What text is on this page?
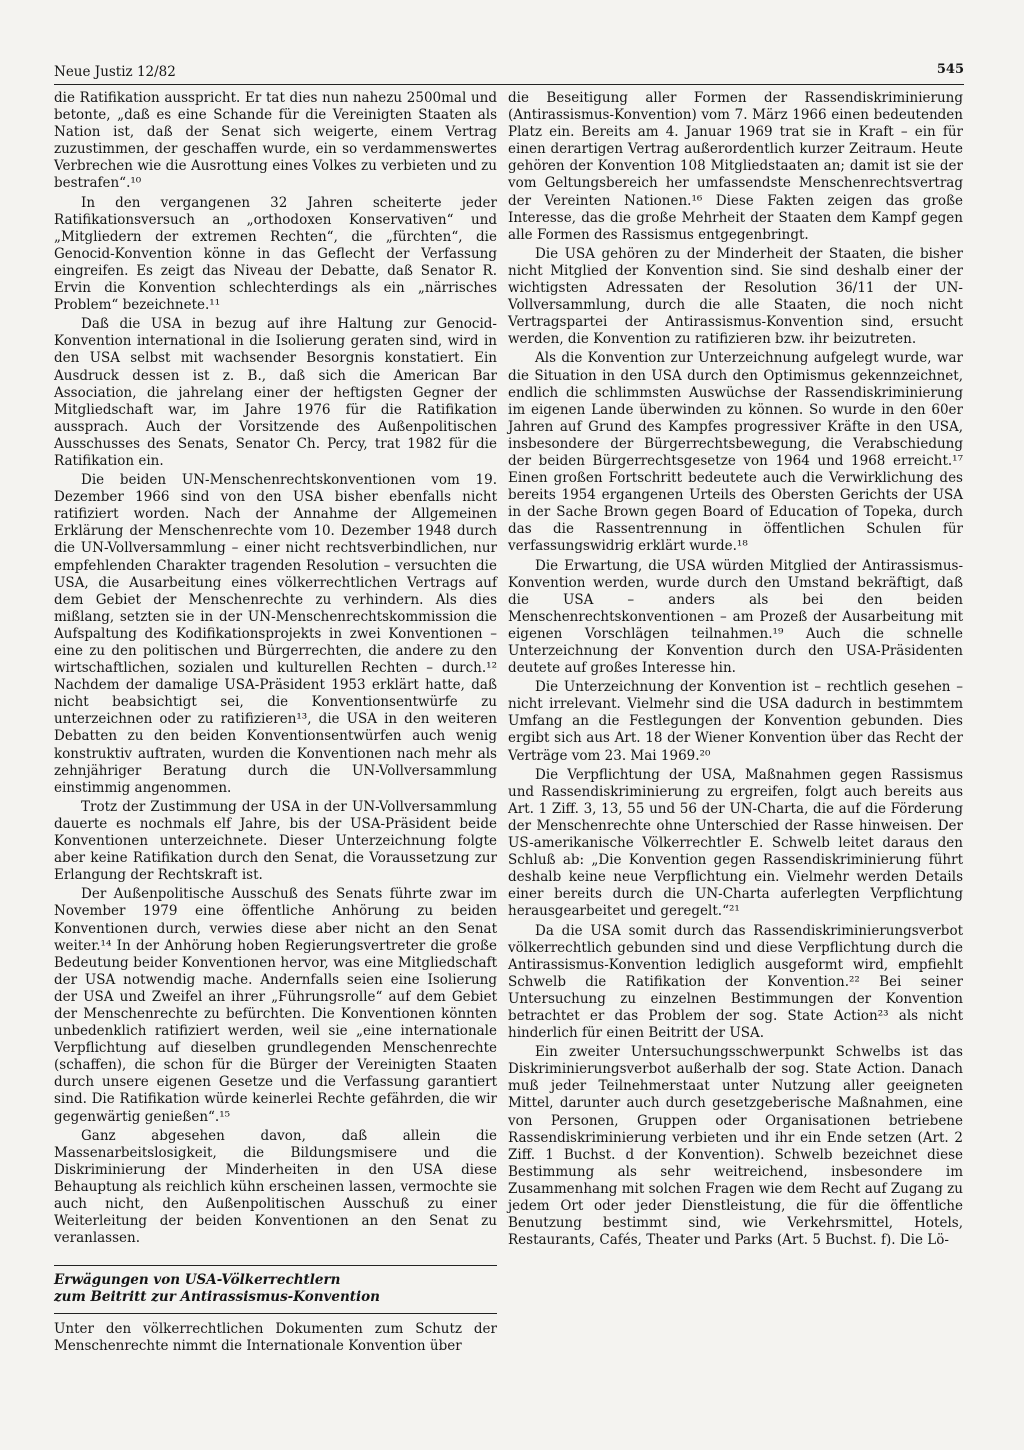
Neue Justiz 12/82	545

die Ratifikation ausspricht. Er tat dies nun nahezu 2500mal und betonte, „daß es eine Schande für die Vereinigten Staaten als Nation ist, daß der Senat sich weigerte, einem Vertrag zuzustimmen, der geschaffen wurde, ein so verdammenswertes Verbrechen wie die Ausrottung eines Volkes zu verbieten und zu bestrafen“.¹⁰

In den vergangenen 32 Jahren scheiterte jeder Ratifikationsversuch an „orthodoxen Konservativen“ und „Mitgliedern der extremen Rechten“, die „fürchten“, die Genocid-Konvention könne in das Geflecht der Verfassung eingreifen. Es zeigt das Niveau der Debatte, daß Senator R. Ervin die Konvention schlechterdings als ein „närrisches Problem“ bezeichnete.¹¹

Daß die USA in bezug auf ihre Haltung zur Genocid-Konvention international in die Isolierung geraten sind, wird in den USA selbst mit wachsender Besorgnis konstatiert. Ein Ausdruck dessen ist z. B., daß sich die American Bar Association, die jahrelang einer der heftigsten Gegner der Mitgliedschaft war, im Jahre 1976 für die Ratifikation aussprach. Auch der Vorsitzende des Außenpolitischen Ausschusses des Senats, Senator Ch. Percy, trat 1982 für die Ratifikation ein.

Die beiden UN-Menschenrechtskonventionen vom 19. Dezember 1966 sind von den USA bisher ebenfalls nicht ratifiziert worden. Nach der Annahme der Allgemeinen Erklärung der Menschenrechte vom 10. Dezember 1948 durch die UN-Vollversammlung – einer nicht rechtsverbindlichen, nur empfehlenden Charakter tragenden Resolution – versuchten die USA, die Ausarbeitung eines völkerrechtlichen Vertrags auf dem Gebiet der Menschenrechte zu verhindern. Als dies mißlang, setzten sie in der UN-Menschenrechtskommission die Aufspaltung des Kodifikationsprojekts in zwei Konventionen – eine zu den politischen und Bürgerrechten, die andere zu den wirtschaftlichen, sozialen und kulturellen Rechten – durch.¹² Nachdem der damalige USA-Präsident 1953 erklärt hatte, daß nicht beabsichtigt sei, die Konventionsentwürfe zu unterzeichnen oder zu ratifizieren¹³, die USA in den weiteren Debatten zu den beiden Konventionsentwürfen auch wenig konstruktiv auftraten, wurden die Konventionen nach mehr als zehnjähriger Beratung durch die UN-Vollversammlung einstimmig angenommen.

Trotz der Zustimmung der USA in der UN-Vollversammlung dauerte es nochmals elf Jahre, bis der USA-Präsident beide Konventionen unterzeichnete. Dieser Unterzeichnung folgte aber keine Ratifikation durch den Senat, die Voraussetzung zur Erlangung der Rechtskraft ist.

Der Außenpolitische Ausschuß des Senats führte zwar im November 1979 eine öffentliche Anhörung zu beiden Konventionen durch, verwies diese aber nicht an den Senat weiter.¹⁴ In der Anhörung hoben Regierungsvertreter die große Bedeutung beider Konventionen hervor, was eine Mitgliedschaft der USA notwendig mache. Andernfalls seien eine Isolierung der USA und Zweifel an ihrer „Führungsrolle“ auf dem Gebiet der Menschenrechte zu befürchten. Die Konventionen könnten unbedenklich ratifiziert werden, weil sie „eine internationale Verpflichtung auf dieselben grundlegenden Menschenrechte (schaffen), die schon für die Bürger der Vereinigten Staaten durch unsere eigenen Gesetze und die Verfassung garantiert sind. Die Ratifikation würde keinerlei Rechte gefährden, die wir gegenwärtig genießen“.¹⁵

Ganz abgesehen davon, daß allein die Massenarbeitslosigkeit, die Bildungsmisere und die Diskriminierung der Minderheiten in den USA diese Behauptung als reichlich kühn erscheinen lassen, vermochte sie auch nicht, den Außenpolitischen Ausschuß zu einer Weiterleitung der beiden Konventionen an den Senat zu veranlassen.

Erwägungen von USA-Völkerrechtlern
zum Beitritt zur Antirassismus-Konvention

Unter den völkerrechtlichen Dokumenten zum Schutz der Menschenrechte nimmt die Internationale Konvention über

die Beseitigung aller Formen der Rassendiskriminierung (Antirassismus-Konvention) vom 7. März 1966 einen bedeutenden Platz ein. Bereits am 4. Januar 1969 trat sie in Kraft – ein für einen derartigen Vertrag außerordentlich kurzer Zeitraum. Heute gehören der Konvention 108 Mitgliedstaaten an; damit ist sie der vom Geltungsbereich her umfassendste Menschenrechtsvertrag der Vereinten Nationen.¹⁶ Diese Fakten zeigen das große Interesse, das die große Mehrheit der Staaten dem Kampf gegen alle Formen des Rassismus entgegenbringt.

Die USA gehören zu der Minderheit der Staaten, die bisher nicht Mitglied der Konvention sind. Sie sind deshalb einer der wichtigsten Adressaten der Resolution 36/11 der UN-Vollversammlung, durch die alle Staaten, die noch nicht Vertragspartei der Antirassismus-Konvention sind, ersucht werden, die Konvention zu ratifizieren bzw. ihr beizutreten.

Als die Konvention zur Unterzeichnung aufgelegt wurde, war die Situation in den USA durch den Optimismus gekennzeichnet, endlich die schlimmsten Auswüchse der Rassendiskriminierung im eigenen Lande überwinden zu können. So wurde in den 60er Jahren auf Grund des Kampfes progressiver Kräfte in den USA, insbesondere der Bürgerrechtsbewegung, die Verabschiedung der beiden Bürgerrechtsgesetze von 1964 und 1968 erreicht.¹⁷ Einen großen Fortschritt bedeutete auch die Verwirklichung des bereits 1954 ergangenen Urteils des Obersten Gerichts der USA in der Sache Brown gegen Board of Education of Topeka, durch das die Rassentrennung in öffentlichen Schulen für verfassungswidrig erklärt wurde.¹⁸

Die Erwartung, die USA würden Mitglied der Antirassismus-Konvention werden, wurde durch den Umstand bekräftigt, daß die USA – anders als bei den beiden Menschenrechtskonventionen – am Prozeß der Ausarbeitung mit eigenen Vorschlägen teilnahmen.¹⁹ Auch die schnelle Unterzeichnung der Konvention durch den USA-Präsidenten deutete auf großes Interesse hin.

Die Unterzeichnung der Konvention ist – rechtlich gesehen – nicht irrelevant. Vielmehr sind die USA dadurch in bestimmtem Umfang an die Festlegungen der Konvention gebunden. Dies ergibt sich aus Art. 18 der Wiener Konvention über das Recht der Verträge vom 23. Mai 1969.²⁰

Die Verpflichtung der USA, Maßnahmen gegen Rassismus und Rassendiskriminierung zu ergreifen, folgt auch bereits aus Art. 1 Ziff. 3, 13, 55 und 56 der UN-Charta, die auf die Förderung der Menschenrechte ohne Unterschied der Rasse hinweisen. Der US-amerikanische Völkerrechtler E. Schwelb leitet daraus den Schluß ab: „Die Konvention gegen Rassendiskriminierung führt deshalb keine neue Verpflichtung ein. Vielmehr werden Details einer bereits durch die UN-Charta auferlegten Verpflichtung herausgearbeitet und geregelt.“²¹

Da die USA somit durch das Rassendiskriminierungsverbot völkerrechtlich gebunden sind und diese Verpflichtung durch die Antirassismus-Konvention lediglich ausgeformt wird, empfiehlt Schwelb die Ratifikation der Konvention.²² Bei seiner Untersuchung zu einzelnen Bestimmungen der Konvention betrachtet er das Problem der sog. State Action²³ als nicht hinderlich für einen Beitritt der USA.

Ein zweiter Untersuchungsschwerpunkt Schwelbs ist das Diskriminierungsverbot außerhalb der sog. State Action. Danach muß jeder Teilnehmerstaat unter Nutzung aller geeigneten Mittel, darunter auch durch gesetzgeberische Maßnahmen, eine von Personen, Gruppen oder Organisationen betriebene Rassendiskriminierung verbieten und ihr ein Ende setzen (Art. 2 Ziff. 1 Buchst. d der Konvention). Schwelb bezeichnet diese Bestimmung als sehr weitreichend, insbesondere im Zusammenhang mit solchen Fragen wie dem Recht auf Zugang zu jedem Ort oder jeder Dienstleistung, die für die öffentliche Benutzung bestimmt sind, wie Verkehrsmittel, Hotels, Restaurants, Cafés, Theater und Parks (Art. 5 Buchst. f). Die Lö-
